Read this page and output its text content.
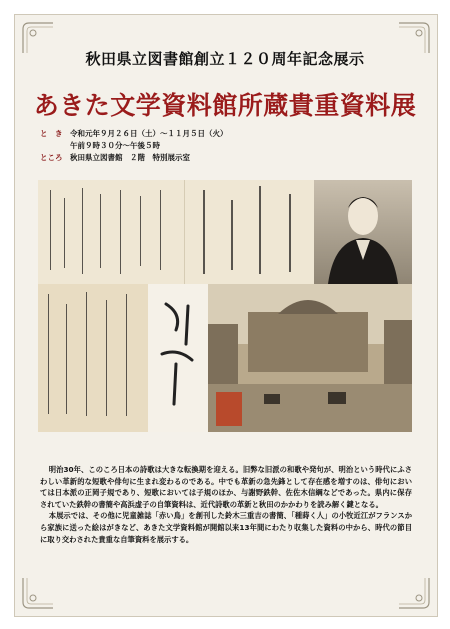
秋田県立図書館創立１２０周年記念展示
あきた文学資料館所蔵貴重資料展
と　き	令和元年９月２６日（土）～１１月５日（火）
午前９時３０分～午後５時
ところ	秋田県立図書館　２階　特別展示室

明治30年、このころ日本の詩歌は大きな転換期を迎える。旧弊な旧派の和歌や発句が、明治という時代にふさわしい革新的な短歌や俳句に生まれ変わるのである。中でも革新の急先鋒として存在感を増すのは、俳句においては日本派の正岡子規であり、短歌においては子規のほか、与謝野鉄幹、佐佐木信綱などであった。県内に保存されていた鉄幹の書簡や高浜虚子の自筆資料は、近代詩歌の革新と秋田のかかわりを読み解く鍵となる。

本展示では、その他に児童雑誌「赤い鳥」を創刊した鈴木三重吉の書簡、「種蒔く人」の小牧近江がフランスから家族に送った絵はがきなど、あきた文学資料館が開館以来13年間にわたり収集した資料の中から、時代の節目に取り交わされた貴重な自筆資料を展示する。
